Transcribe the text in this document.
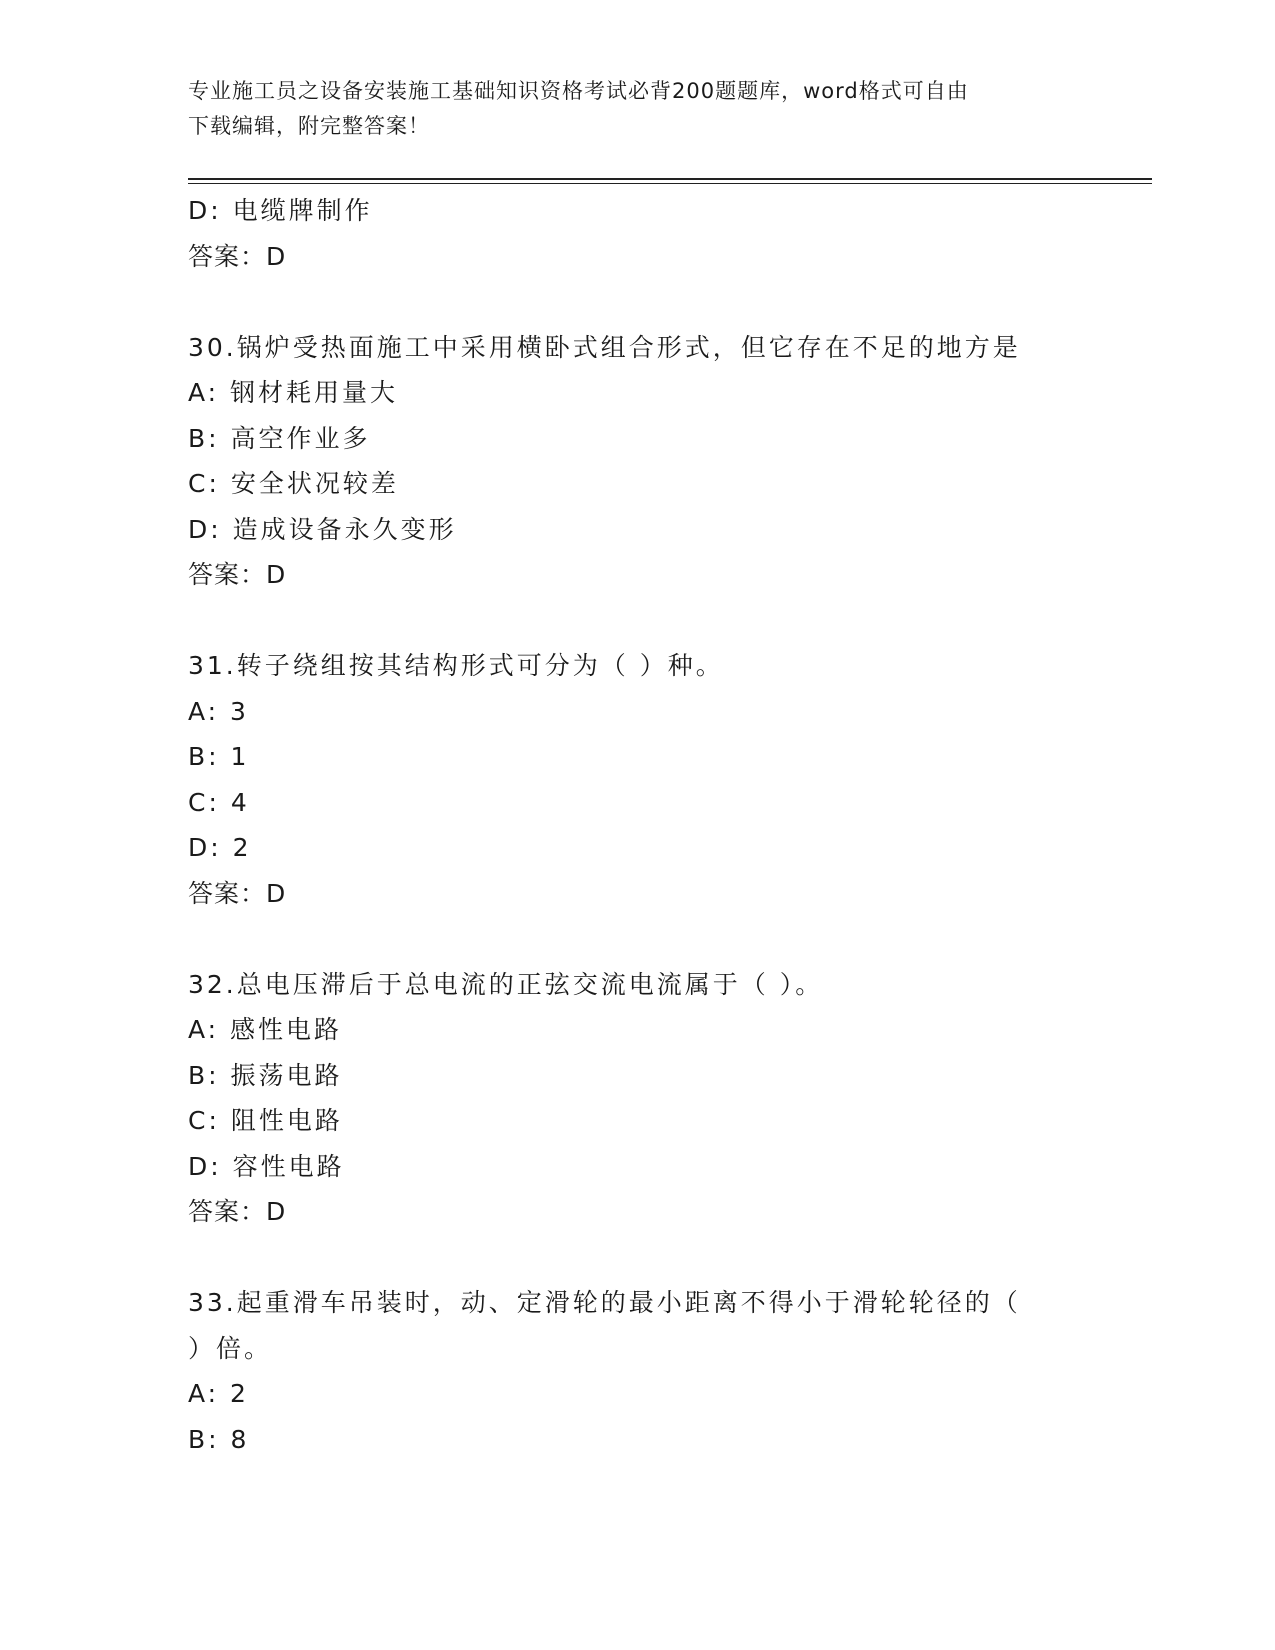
专业施工员之设备安装施工基础知识资格考试必背200题题库，word格式可自由
下载编辑，附完整答案！
D: 电缆牌制作
答案：D
30.锅炉受热面施工中采用横卧式组合形式，但它存在不足的地方是
A: 钢材耗用量大
B: 高空作业多
C: 安全状况较差
D: 造成设备永久变形
答案：D
31.转子绕组按其结构形式可分为（ ）种。
A: 3
B: 1
C: 4
D: 2
答案：D
32.总电压滞后于总电流的正弦交流电流属于（ ）。
A: 感性电路
B: 振荡电路
C: 阻性电路
D: 容性电路
答案：D
33.起重滑车吊装时，动、定滑轮的最小距离不得小于滑轮轮径的（
）倍。
A: 2
B: 8
